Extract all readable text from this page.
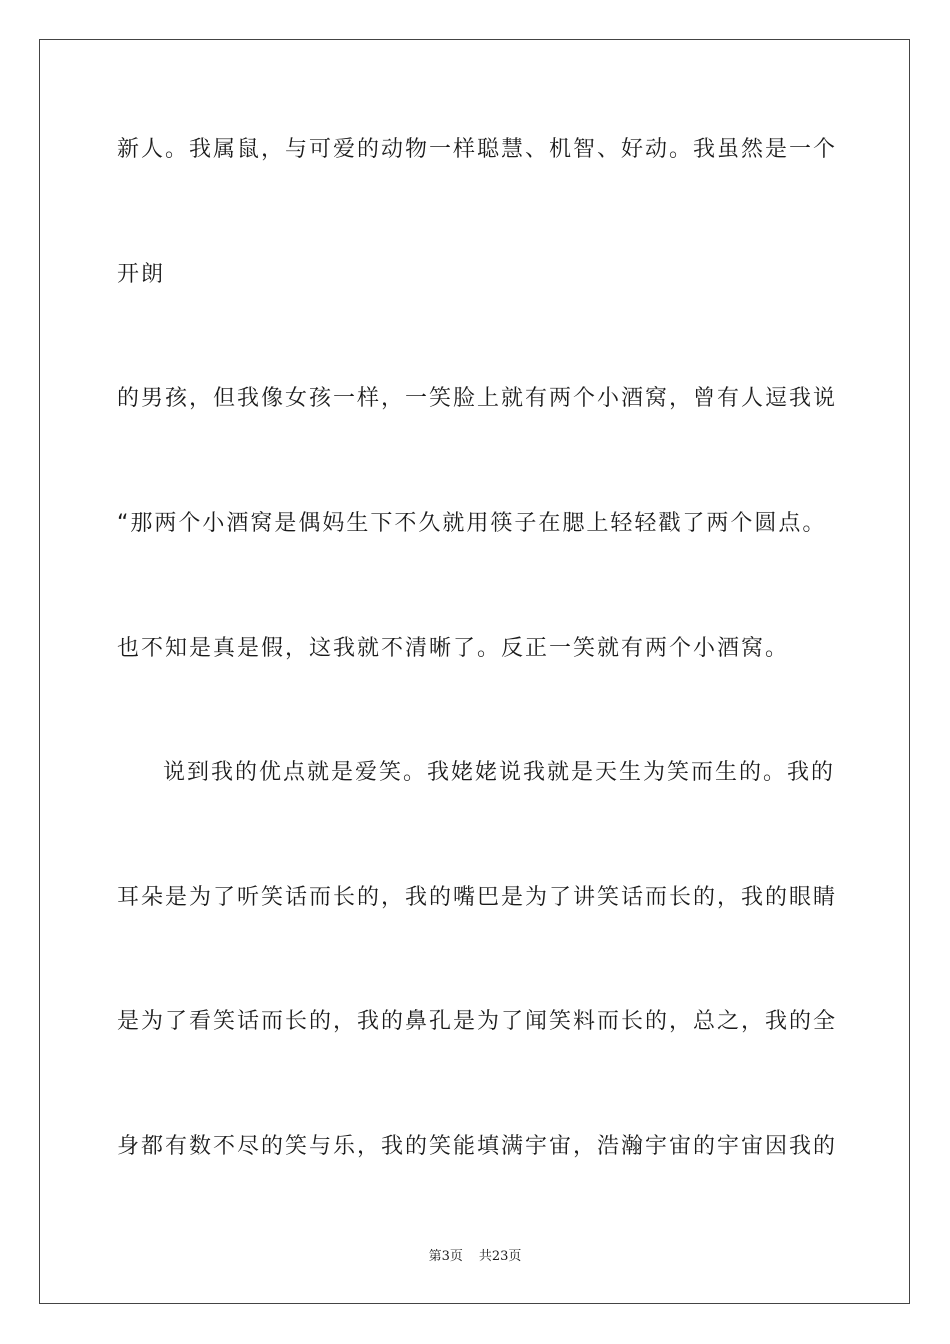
新人。我属鼠，与可爱的动物一样聪慧、机智、好动。我虽然是一个
开朗
的男孩，但我像女孩一样，一笑脸上就有两个小酒窝，曾有人逗我说
“那两个小酒窝是偶妈生下不久就用筷子在腮上轻轻戳了两个圆点。
也不知是真是假，这我就不清晰了。反正一笑就有两个小酒窝。
说到我的优点就是爱笑。我姥姥说我就是天生为笑而生的。我的
耳朵是为了听笑话而长的，我的嘴巴是为了讲笑话而长的，我的眼睛
是为了看笑话而长的，我的鼻孔是为了闻笑料而长的，总之，我的全
身都有数不尽的笑与乐，我的笑能填满宇宙，浩瀚宇宙的宇宙因我的
第3页 共23页
